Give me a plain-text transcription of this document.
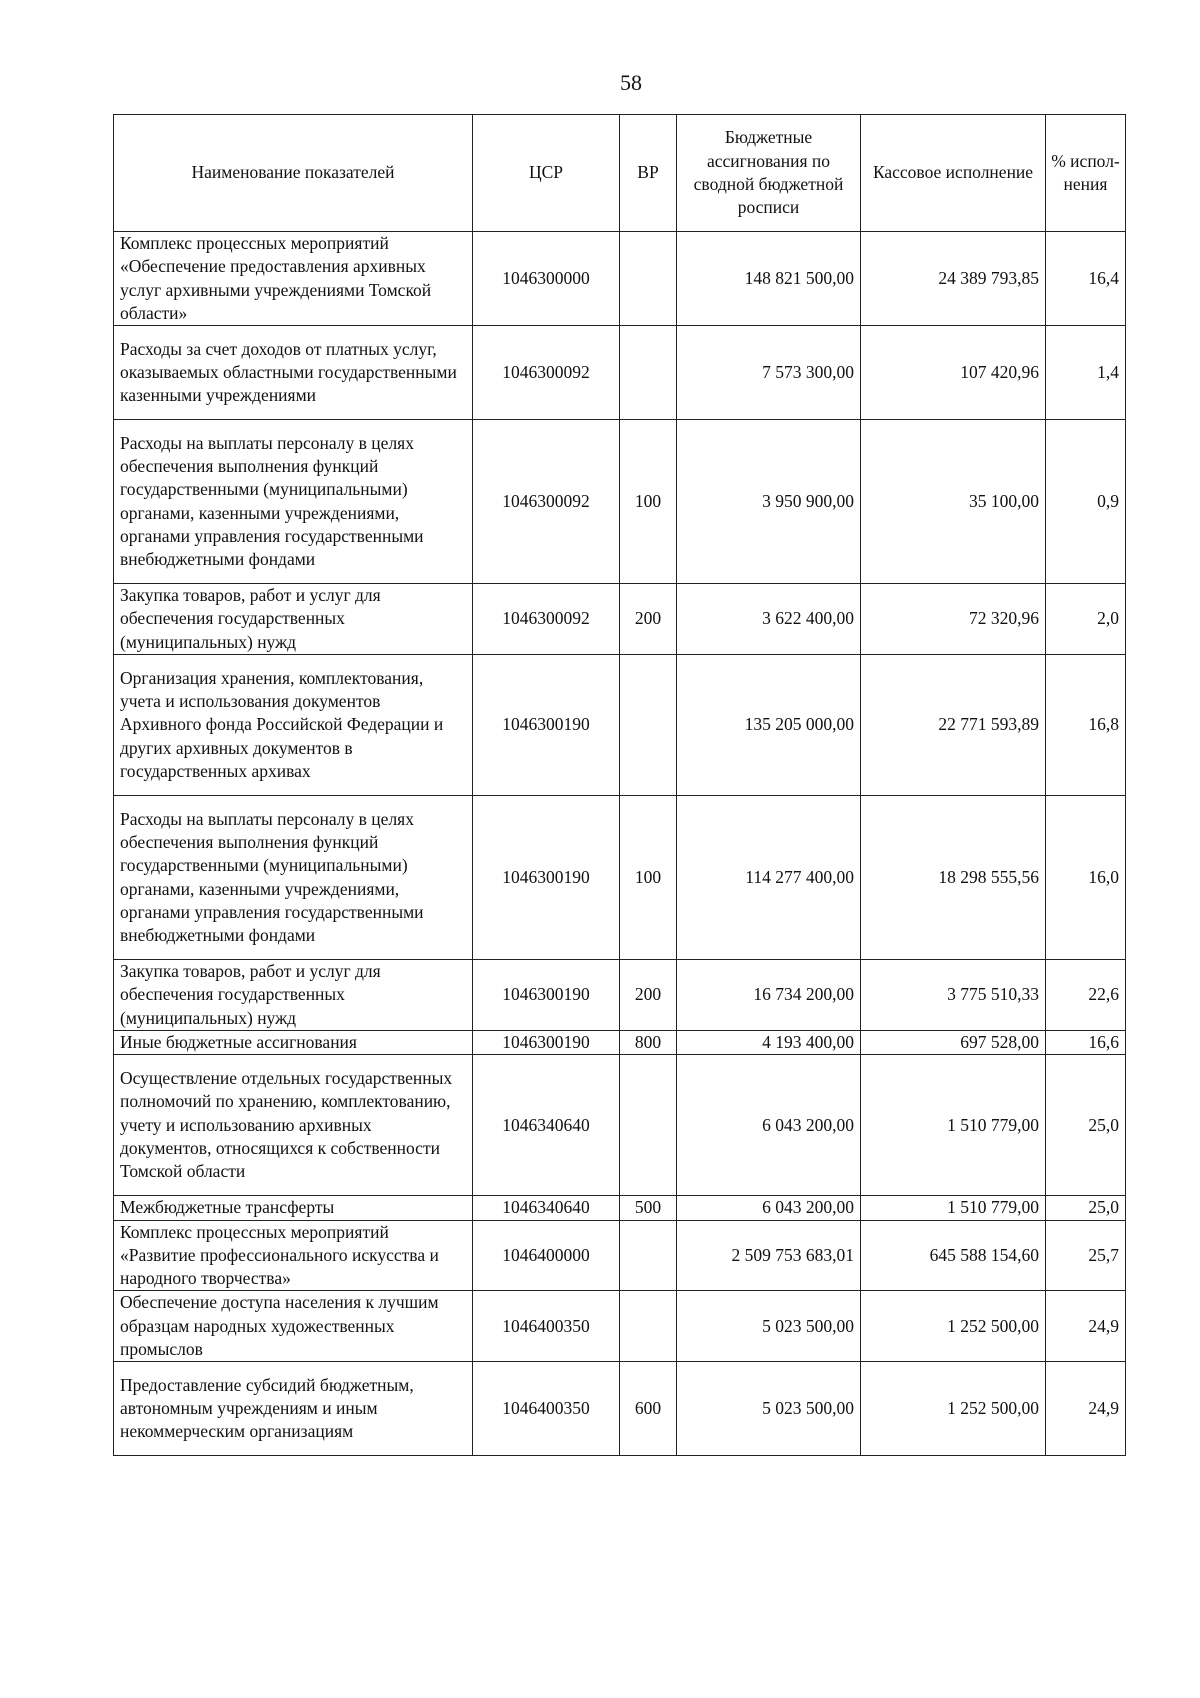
58
Наименование показателей	ЦСР	ВР	Бюджетные ассигнования по сводной бюджетной росписи	Кассовое исполнение	% испол-нения
Комплекс процессных мероприятий «Обеспечение предоставления архивных услуг архивными учреждениями Томской области»	1046300000		148 821 500,00	24 389 793,85	16,4
Расходы за счет доходов от платных услуг, оказываемых областными государственными казенными учреждениями	1046300092		7 573 300,00	107 420,96	1,4
Расходы на выплаты персоналу в целях обеспечения выполнения функций государственными (муниципальными) органами, казенными учреждениями, органами управления государственными внебюджетными фондами	1046300092	100	3 950 900,00	35 100,00	0,9
Закупка товаров, работ и услуг для обеспечения государственных (муниципальных) нужд	1046300092	200	3 622 400,00	72 320,96	2,0
Организация хранения, комплектования, учета и использования документов Архивного фонда Российской Федерации и других архивных документов в государственных архивах	1046300190		135 205 000,00	22 771 593,89	16,8
Расходы на выплаты персоналу в целях обеспечения выполнения функций государственными (муниципальными) органами, казенными учреждениями, органами управления государственными внебюджетными фондами	1046300190	100	114 277 400,00	18 298 555,56	16,0
Закупка товаров, работ и услуг для обеспечения государственных (муниципальных) нужд	1046300190	200	16 734 200,00	3 775 510,33	22,6
Иные бюджетные ассигнования	1046300190	800	4 193 400,00	697 528,00	16,6
Осуществление отдельных государственных полномочий по хранению, комплектованию, учету и использованию архивных документов, относящихся к собственности Томской области	1046340640		6 043 200,00	1 510 779,00	25,0
Межбюджетные трансферты	1046340640	500	6 043 200,00	1 510 779,00	25,0
Комплекс процессных мероприятий «Развитие профессионального искусства и народного творчества»	1046400000		2 509 753 683,01	645 588 154,60	25,7
Обеспечение доступа населения к лучшим образцам народных художественных промыслов	1046400350		5 023 500,00	1 252 500,00	24,9
Предоставление субсидий бюджетным, автономным учреждениям и иным некоммерческим организациям	1046400350	600	5 023 500,00	1 252 500,00	24,9
